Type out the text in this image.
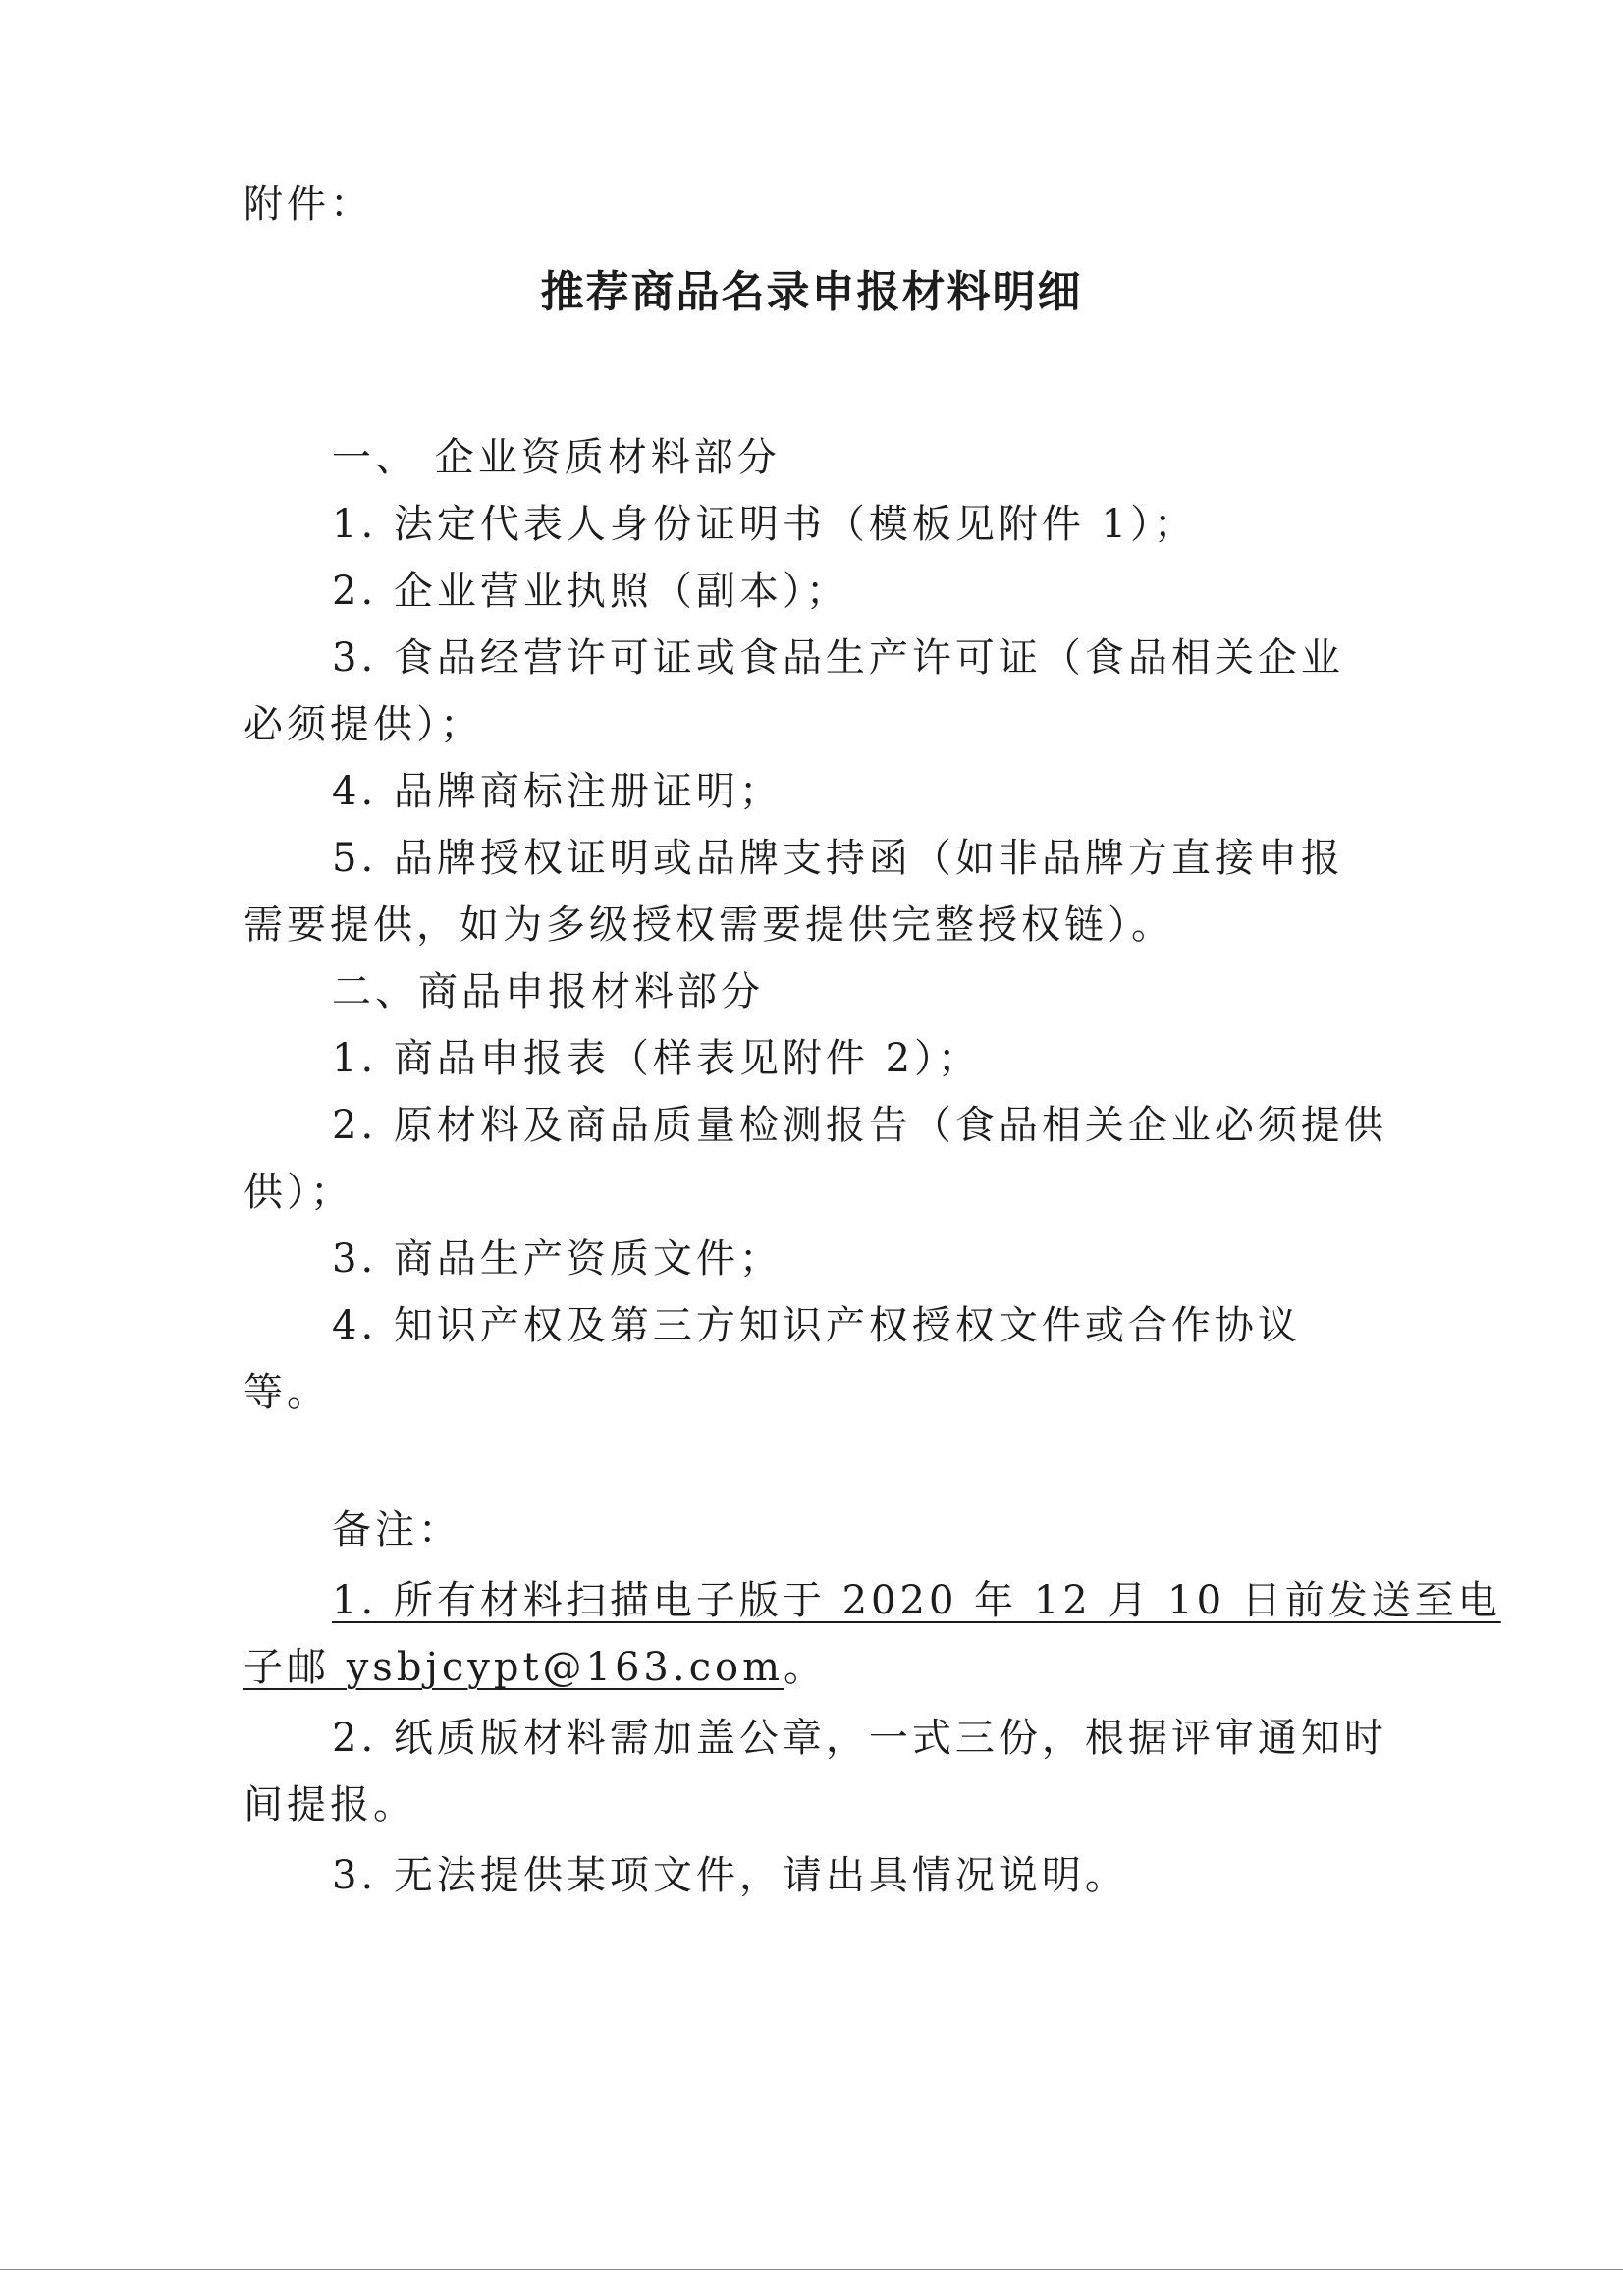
附件：
推荐商品名录申报材料明细
一、 企业资质材料部分
1. 法定代表人身份证明书（模板见附件 1）；
2. 企业营业执照（副本）；
3. 食品经营许可证或食品生产许可证（食品相关企业
必须提供）；
4. 品牌商标注册证明；
5. 品牌授权证明或品牌支持函（如非品牌方直接申报
需要提供，如为多级授权需要提供完整授权链）。
二、商品申报材料部分
1. 商品申报表（样表见附件 2）；
2. 原材料及商品质量检测报告（食品相关企业必须提供
供）；
3. 商品生产资质文件；
4. 知识产权及第三方知识产权授权文件或合作协议
等。
备注：
1. 所有材料扫描电子版于 2020 年 12 月 10 日前发送至电
子邮 ysbjcypt@163.com。
2. 纸质版材料需加盖公章，一式三份，根据评审通知时
间提报。
3. 无法提供某项文件，请出具情况说明。
